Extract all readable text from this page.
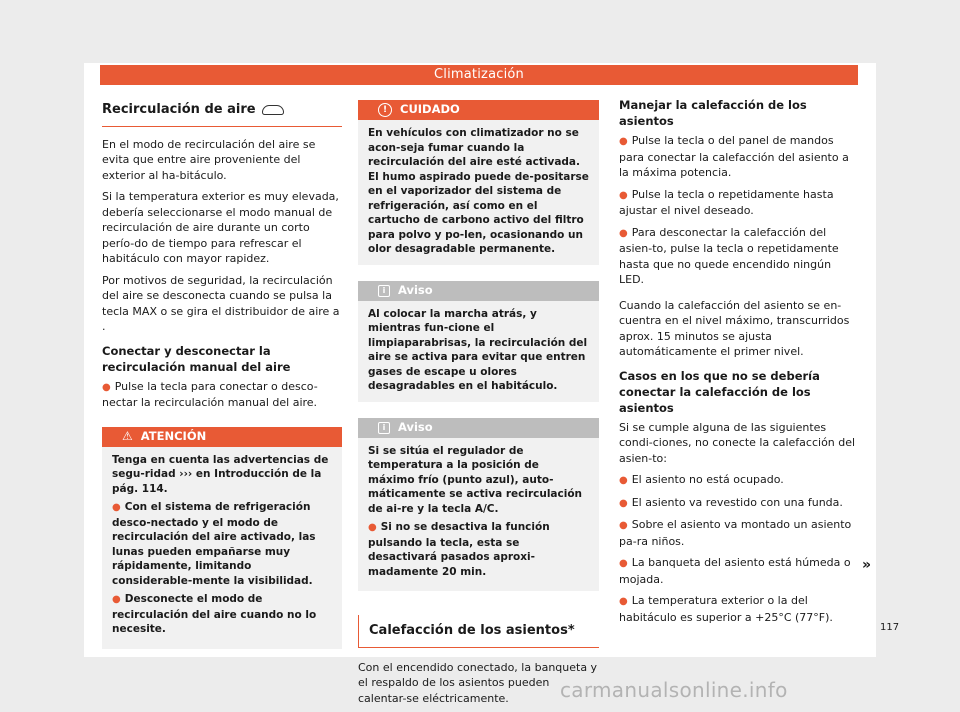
Climatización
Recirculación de aire

En el modo de recirculación del aire se evita que entre aire proveniente del exterior al ha-bitáculo.

Si la temperatura exterior es muy elevada, debería seleccionarse el modo manual de recirculación de aire durante un corto perío-do de tiempo para refrescar el habitáculo con mayor rapidez.

Por motivos de seguridad, la recirculación del aire se desconecta cuando se pulsa la tecla MAX o se gira el distribuidor de aire a .

Conectar y desconectar la recirculación manual del aire

● Pulse la tecla para conectar o desco-nectar la recirculación manual del aire.

⚠ ATENCIÓN

Tenga en cuenta las advertencias de segu-ridad ››› en Introducción de la pág. 114.

● Con el sistema de refrigeración desco-nectado y el modo de recirculación del aire activado, las lunas pueden empañarse muy rápidamente, limitando considerable-mente la visibilidad.

● Desconecte el modo de recirculación del aire cuando no lo necesite.

!	CUIDADO
En vehículos con climatizador no se acon-seja fumar cuando la recirculación del aire esté activada. El humo aspirado puede de-positarse en el vaporizador del sistema de refrigeración, así como en el cartucho de carbono activo del filtro para polvo y po-len, ocasionando un olor desagradable permanente.
i	Aviso
Al colocar la marcha atrás, y mientras fun-cione el limpiaparabrisas, la recirculación del aire se activa para evitar que entren gases de escape u olores desagradables en el habitáculo.
i	Aviso

Si se sitúa el regulador de temperatura a la posición de máximo frío (punto azul), auto-máticamente se activa recirculación de ai-re y la tecla A/C.

● Si no se desactiva la función pulsando la tecla, esta se desactivará pasados aproxi-madamente 20 min.

Calefacción de los asientos*

Con el encendido conectado, la banqueta y el respaldo de los asientos pueden calentar-se eléctricamente.

Manejar la calefacción de los asientos

● Pulse la tecla o del panel de mandos para conectar la calefacción del asiento a la máxima potencia.

● Pulse la tecla o repetidamente hasta ajustar el nivel deseado.

● Para desconectar la calefacción del asien-to, pulse la tecla o repetidamente hasta que no quede encendido ningún LED.

Cuando la calefacción del asiento se en-cuentra en el nivel máximo, transcurridos aprox. 15 minutos se ajusta automáticamente el primer nivel.

Casos en los que no se debería conectar la calefacción de los asientos

Si se cumple alguna de las siguientes condi-ciones, no conecte la calefacción del asien-to:

● El asiento no está ocupado.

● El asiento va revestido con una funda.

● Sobre el asiento va montado un asiento pa-ra niños.

● La banqueta del asiento está húmeda o mojada.

● La temperatura exterior o la del habitáculo es superior a +25°C (77°F).

»
117
carmanualsonline.info
